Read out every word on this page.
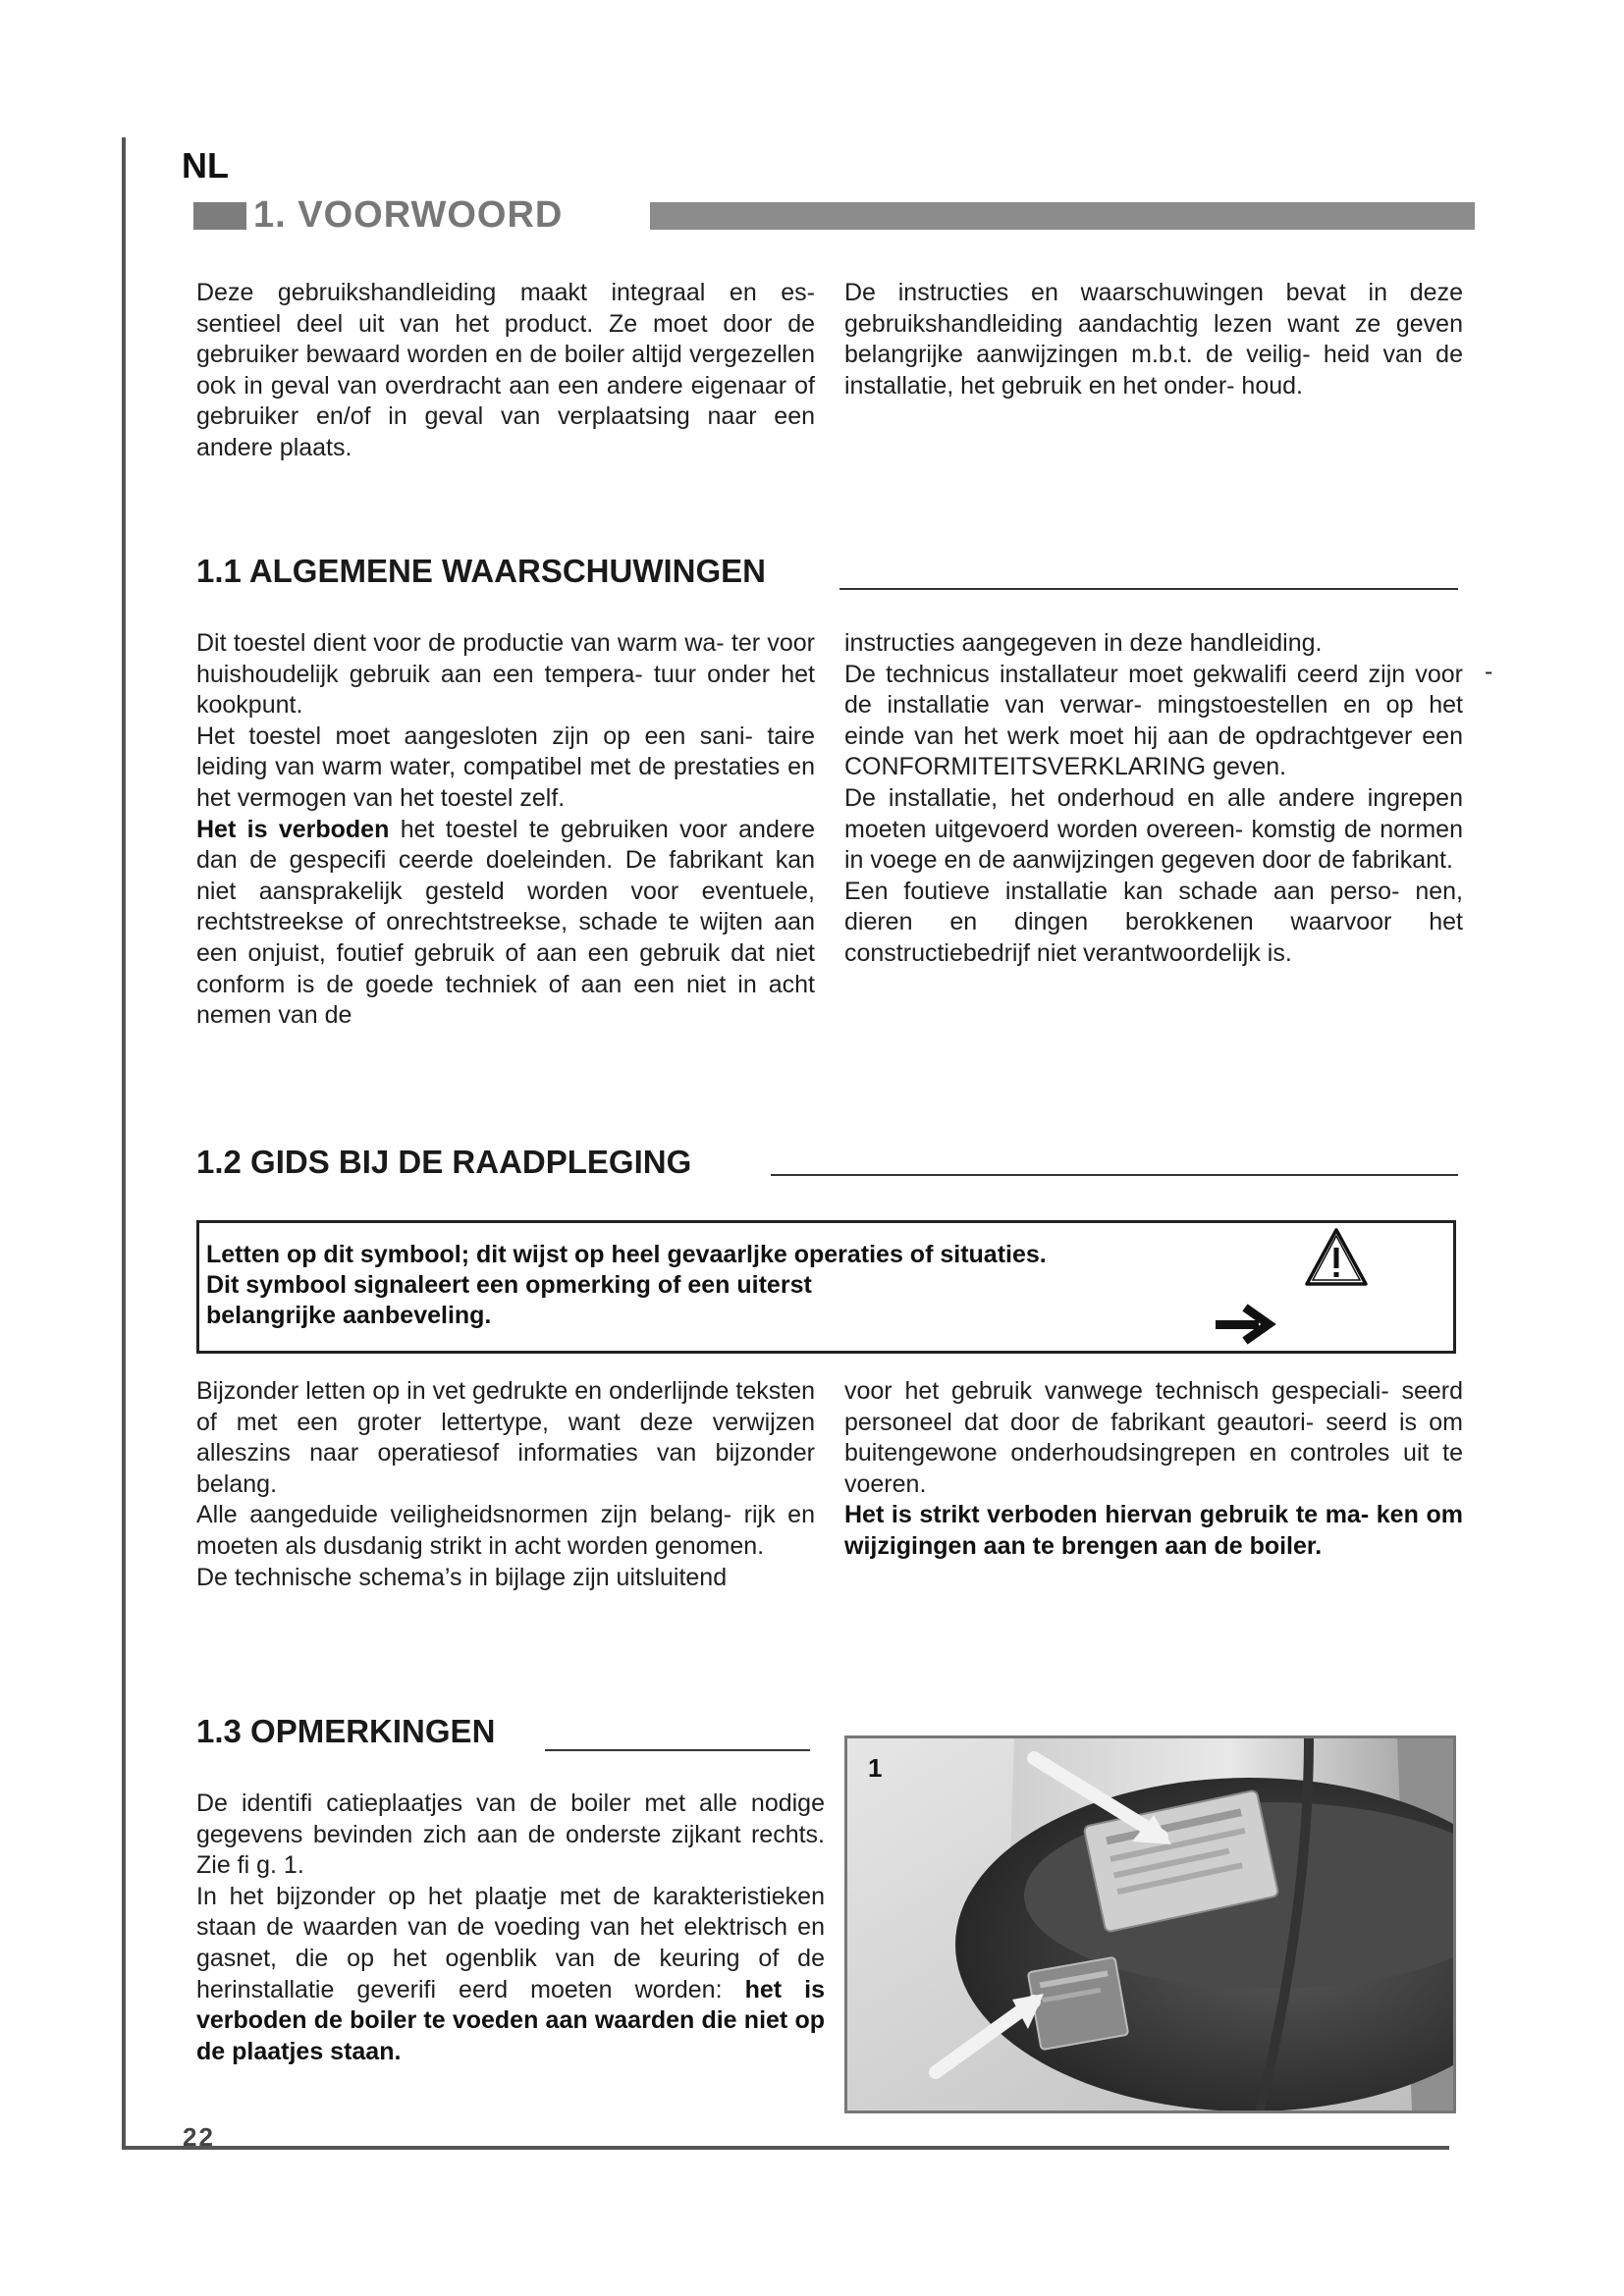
NL
1. VOORWOORD

Deze gebruikshandleiding maakt integraal en es- sentieel deel uit van het product. Ze moet door de gebruiker bewaard worden en de boiler altijd vergezellen ook in geval van overdracht aan een andere eigenaar of gebruiker en/of in geval van verplaatsing naar een andere plaats.

De instructies en waarschuwingen bevat in deze gebruikshandleiding aandachtig lezen want ze geven belangrijke aanwijzingen m.b.t. de veilig- heid van de installatie, het gebruik en het onder- houd.

1.1 ALGEMENE WAARSCHUWINGEN

Dit toestel dient voor de productie van warm wa- ter voor huishoudelijk gebruik aan een tempera- tuur onder het kookpunt.

Het toestel moet aangesloten zijn op een sani- taire leiding van warm water, compatibel met de prestaties en het vermogen van het toestel zelf.

Het is verboden het toestel te gebruiken voor andere dan de gespecifi ceerde doeleinden. De fabrikant kan niet aansprakelijk gesteld worden voor eventuele, rechtstreekse of onrechtstreekse, schade te wijten aan een onjuist, foutief gebruik of aan een gebruik dat niet conform is de goede techniek of aan een niet in acht nemen van de

instructies aangegeven in deze handleiding.

De technicus installateur moet gekwalifi ceerd zijn voor de installatie van verwar- mingstoestellen en op het einde van het werk moet hij aan de opdrachtgever een CONFORMITEITSVERKLARING geven.

De installatie, het onderhoud en alle andere ingrepen moeten uitgevoerd worden overeen- komstig de normen in voege en de aanwijzingen gegeven door de fabrikant.

Een foutieve installatie kan schade aan perso- nen, dieren en dingen berokkenen waarvoor het constructiebedrijf niet verantwoordelijk is.

-
1.2 GIDS BIJ DE RAADPLEGING

Letten op dit symbool; dit wijst op heel gevaarljke operaties of situaties.

Dit symbool signaleert een opmerking of een uiterst

belangrijke aanbeveling.

Bijzonder letten op in vet gedrukte en onderlijnde teksten of met een groter lettertype, want deze verwijzen alleszins naar operatiesof informaties van bijzonder belang.

Alle aangeduide veiligheidsnormen zijn belang- rijk en moeten als dusdanig strikt in acht worden genomen.

De technische schema’s in bijlage zijn uitsluitend

voor het gebruik vanwege technisch gespeciali- seerd personeel dat door de fabrikant geautori- seerd is om buitengewone onderhoudsingrepen en controles uit te voeren.

Het is strikt verboden hiervan gebruik te ma- ken om wijzigingen aan te brengen aan de boiler.

1.3 OPMERKINGEN

De identifi catieplaatjes van de boiler met alle nodige gegevens bevinden zich aan de onderste zijkant rechts. Zie fi g. 1.

In het bijzonder op het plaatje met de karakteristieken staan de waarden van de voeding van het elektrisch en gasnet, die op het ogenblik van de keuring of de herinstallatie geverifi eerd moeten worden: het is verboden de boiler te voeden aan waarden die niet op de plaatjes staan.

1
22
